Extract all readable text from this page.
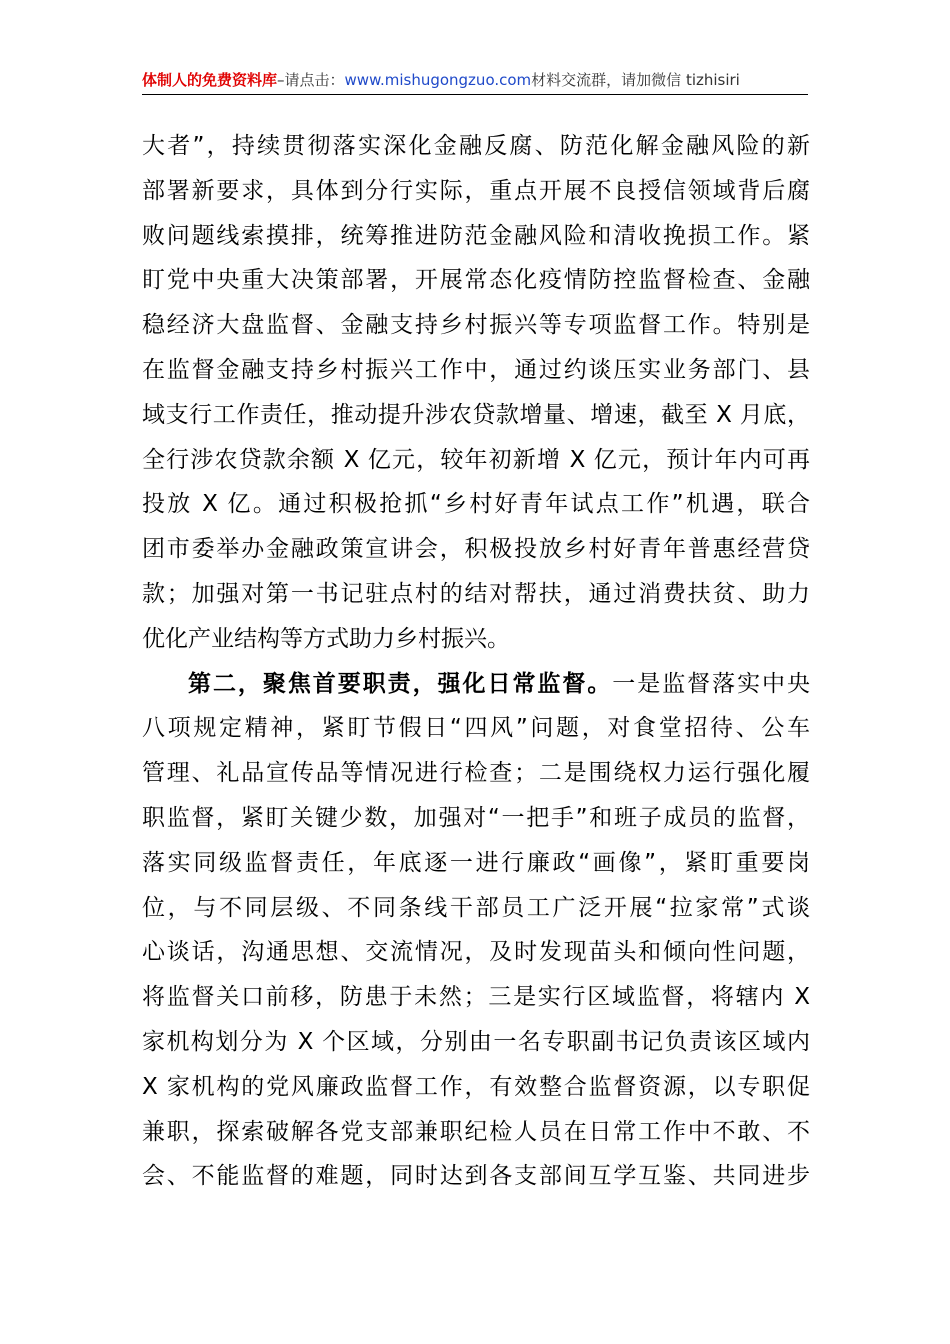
体制人的免费资料库–请点击：www.mishugongzuo.com材料交流群，请加微信 tizhisiri
大者”，持续贯彻落实深化金融反腐、防范化解金融风险的新
部署新要求，具体到分行实际，重点开展不良授信领域背后腐
败问题线索摸排，统筹推进防范金融风险和清收挽损工作。紧
盯党中央重大决策部署，开展常态化疫情防控监督检查、金融
稳经济大盘监督、金融支持乡村振兴等专项监督工作。特别是
在监督金融支持乡村振兴工作中，通过约谈压实业务部门、县
域支行工作责任，推动提升涉农贷款增量、增速，截至 X 月底，
全行涉农贷款余额 X 亿元，较年初新增 X 亿元，预计年内可再
投放 X 亿。通过积极抢抓“乡村好青年试点工作”机遇，联合
团市委举办金融政策宣讲会，积极投放乡村好青年普惠经营贷
款；加强对第一书记驻点村的结对帮扶，通过消费扶贫、助力
优化产业结构等方式助力乡村振兴。
第二，聚焦首要职责，强化日常监督。一是监督落实中央
八项规定精神，紧盯节假日“四风”问题，对食堂招待、公车
管理、礼品宣传品等情况进行检查；二是围绕权力运行强化履
职监督，紧盯关键少数，加强对“一把手”和班子成员的监督，
落实同级监督责任，年底逐一进行廉政“画像”，紧盯重要岗
位，与不同层级、不同条线干部员工广泛开展“拉家常”式谈
心谈话，沟通思想、交流情况，及时发现苗头和倾向性问题，
将监督关口前移，防患于未然；三是实行区域监督，将辖内 X
家机构划分为 X 个区域，分别由一名专职副书记负责该区域内
X 家机构的党风廉政监督工作，有效整合监督资源，以专职促
兼职，探索破解各党支部兼职纪检人员在日常工作中不敢、不
会、不能监督的难题，同时达到各支部间互学互鉴、共同进步
